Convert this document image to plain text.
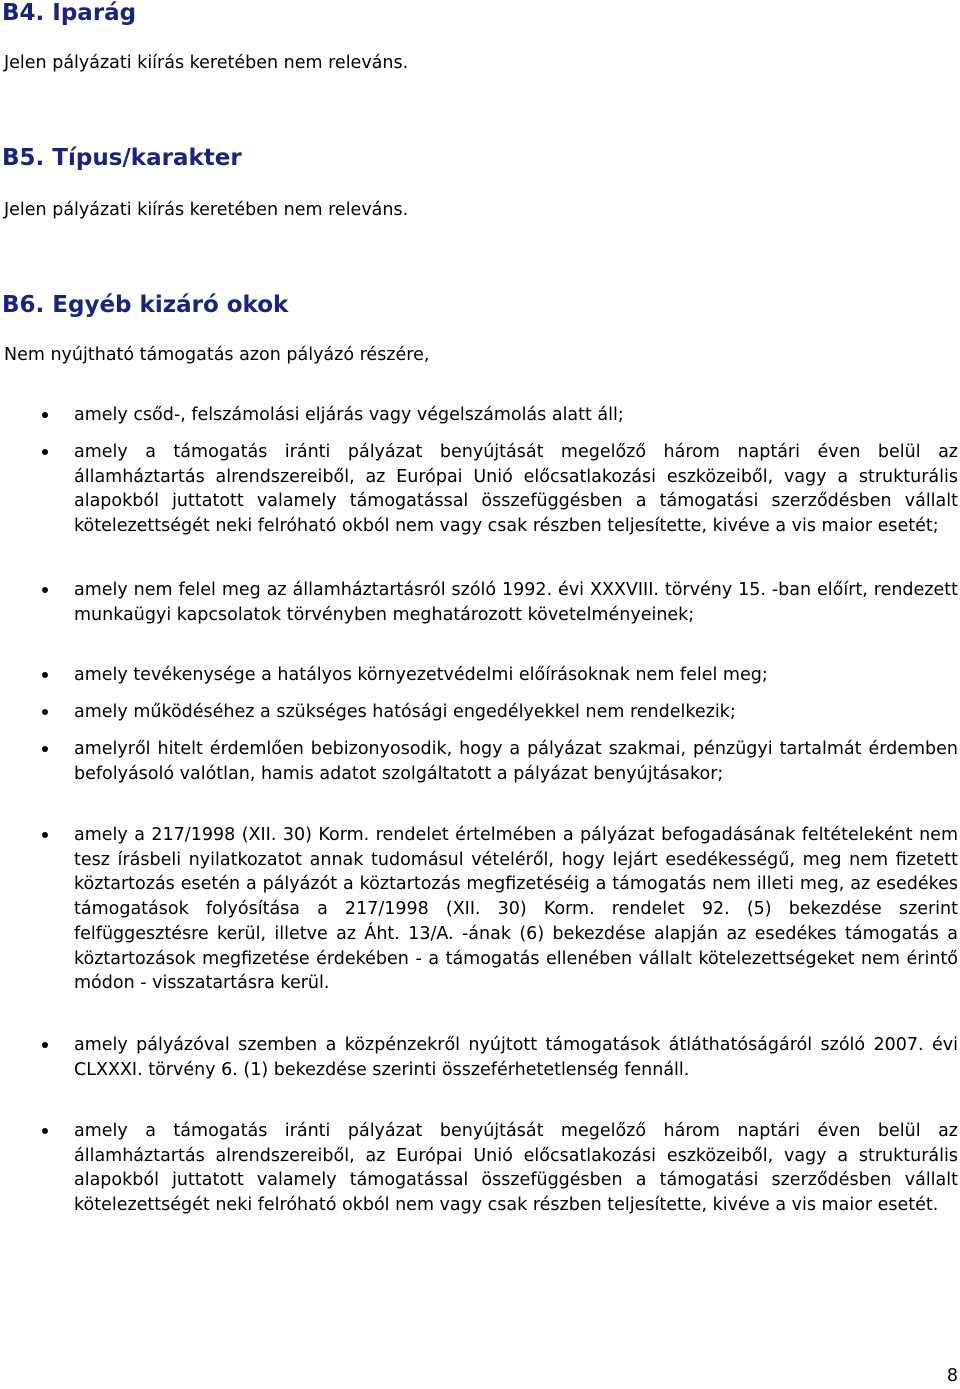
B4. Iparág

Jelen pályázati kiírás keretében nem releváns.

B5. Típus/karakter

Jelen pályázati kiírás keretében nem releváns.

B6. Egyéb kizáró okok

Nem nyújtható támogatás azon pályázó részére,

amely csőd-, felszámolási eljárás vagy végelszámolás alatt áll;

amely a támogatás iránti pályázat benyújtását megelőző három naptári éven belül az államháztartás alrendszereiből, az Európai Unió előcsatlakozási eszközeiből, vagy a strukturális alapokból juttatott valamely támogatással összefüggésben a támogatási szerződésben vállalt kötelezettségét neki felróható okból nem vagy csak részben teljesítette, kivéve a vis maior esetét;

amely nem felel meg az államháztartásról szóló 1992. évi XXXVIII. törvény 15. -ban előírt, rendezett munkaügyi kapcsolatok törvényben meghatározott követelményeinek;

amely tevékenysége a hatályos környezetvédelmi előírásoknak nem felel meg;

amely működéséhez a szükséges hatósági engedélyekkel nem rendelkezik;

amelyről hitelt érdemlően bebizonyosodik, hogy a pályázat szakmai, pénzügyi tartalmát érdemben befolyásoló valótlan, hamis adatot szolgáltatott a pályázat benyújtásakor;

amely a 217/1998 (XII. 30) Korm. rendelet értelmében a pályázat befogadásának feltételeként nem tesz írásbeli nyilatkozatot annak tudomásul vételéről, hogy lejárt esedékességű, meg nem fizetett köztartozás esetén a pályázót a köztartozás megfizetéséig a támogatás nem illeti meg, az esedékes támogatások folyósítása a 217/1998 (XII. 30) Korm. rendelet 92. (5) bekezdése szerint felfüggesztésre kerül, illetve az Áht. 13/A. -ának (6) bekezdése alapján az esedékes támogatás a köztartozások megfizetése érdekében - a támogatás ellenében vállalt kötelezettségeket nem érintő módon - visszatartásra kerül.

amely pályázóval szemben a közpénzekről nyújtott támogatások átláthatóságáról szóló 2007. évi CLXXXI. törvény 6. (1) bekezdése szerinti összeférhetetlenség fennáll.

amely a támogatás iránti pályázat benyújtását megelőző három naptári éven belül az államháztartás alrendszereiből, az Európai Unió előcsatlakozási eszközeiből, vagy a strukturális alapokból juttatott valamely támogatással összefüggésben a támogatási szerződésben vállalt kötelezettségét neki felróható okból nem vagy csak részben teljesítette, kivéve a vis maior esetét.

8
